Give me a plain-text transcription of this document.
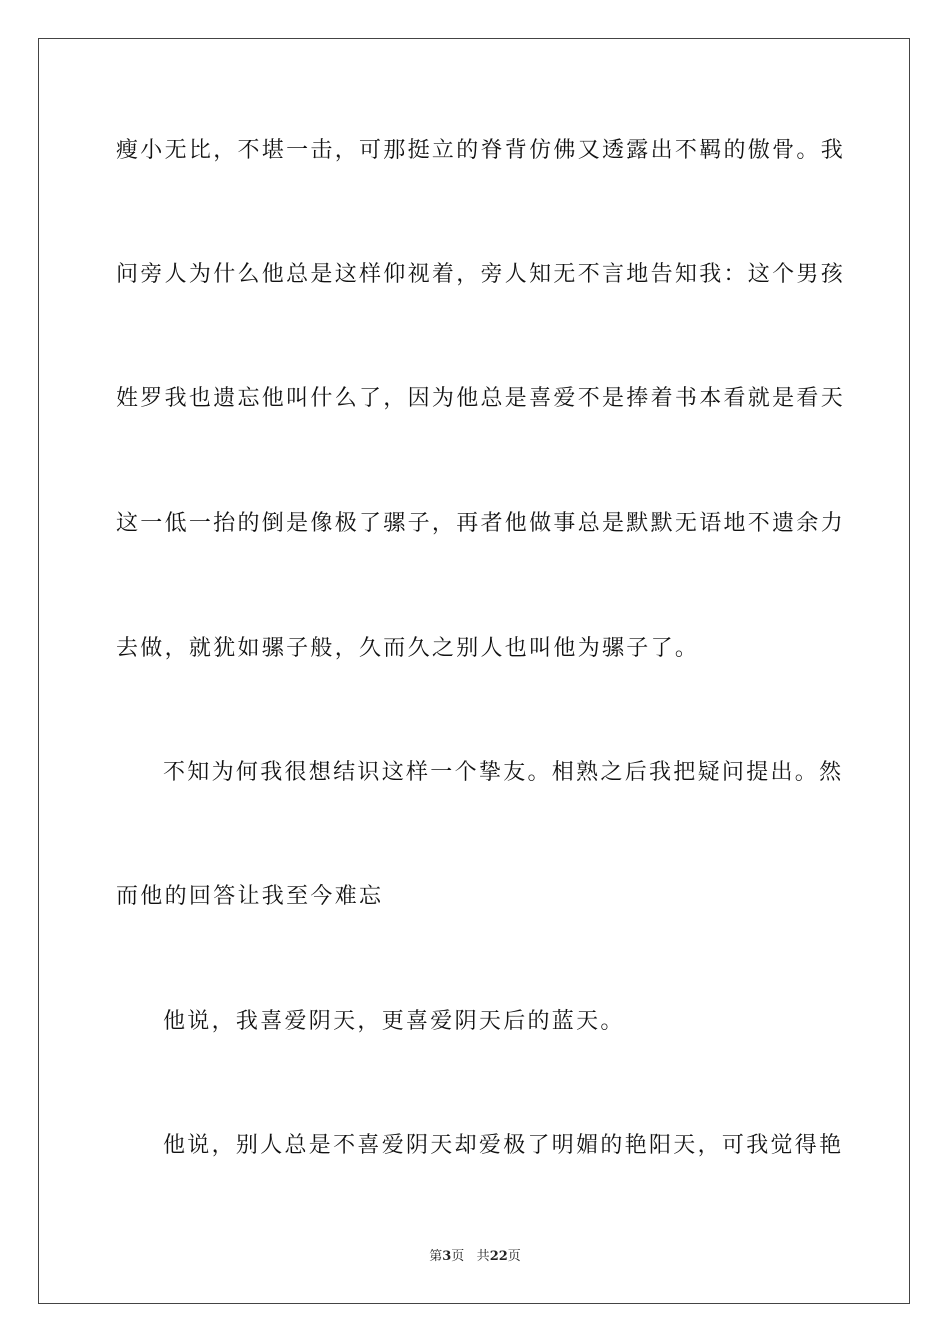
瘦小无比，不堪一击，可那挺立的脊背仿佛又透露出不羁的傲骨。我
问旁人为什么他总是这样仰视着，旁人知无不言地告知我：这个男孩
姓罗我也遗忘他叫什么了，因为他总是喜爱不是捧着书本看就是看天
这一低一抬的倒是像极了骡子，再者他做事总是默默无语地不遗余力
去做，就犹如骡子般，久而久之别人也叫他为骡子了。
不知为何我很想结识这样一个挚友。相熟之后我把疑问提出。然
而他的回答让我至今难忘
他说，我喜爱阴天，更喜爱阴天后的蓝天。
他说，别人总是不喜爱阴天却爱极了明媚的艳阳天，可我觉得艳
第3页 共22页
